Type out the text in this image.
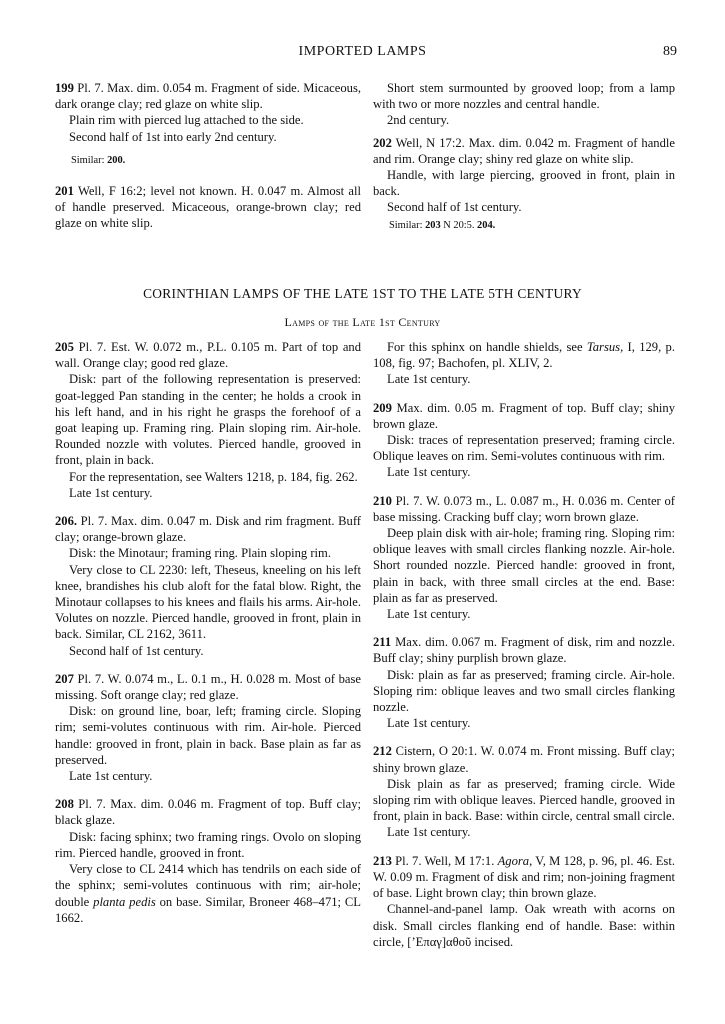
IMPORTED LAMPS	89

199 Pl. 7. Max. dim. 0.054 m. Fragment of side. Micaceous, dark orange clay; red glaze on white slip.

Plain rim with pierced lug attached to the side.

Second half of 1st into early 2nd century.

Similar: 200.

201 Well, F 16:2; level not known. H. 0.047 m. Almost all of handle preserved. Micaceous, orange-brown clay; red glaze on white slip.

Short stem surmounted by grooved loop; from a lamp with two or more nozzles and central handle.

2nd century.

202 Well, N 17:2. Max. dim. 0.042 m. Fragment of handle and rim. Orange clay; shiny red glaze on white slip.

Handle, with large piercing, grooved in front, plain in back.

Second half of 1st century.

Similar: 203 N 20:5. 204.
CORINTHIAN LAMPS OF THE LATE 1ST TO THE LATE 5TH CENTURY
Lamps of the Late 1st Century

205 Pl. 7. Est. W. 0.072 m., P.L. 0.105 m. Part of top and wall. Orange clay; good red glaze.

Disk: part of the following representation is preserved: goat-legged Pan standing in the center; he holds a crook in his left hand, and in his right he grasps the forehoof of a goat leaping up. Framing ring. Plain sloping rim. Air-hole. Rounded nozzle with volutes. Pierced handle, grooved in front, plain in back.

For the representation, see Walters 1218, p. 184, fig. 262.

Late 1st century.

206. Pl. 7. Max. dim. 0.047 m. Disk and rim fragment. Buff clay; orange-brown glaze.

Disk: the Minotaur; framing ring. Plain sloping rim.

Very close to CL 2230: left, Theseus, kneeling on his left knee, brandishes his club aloft for the fatal blow. Right, the Minotaur collapses to his knees and flails his arms. Air-hole. Volutes on nozzle. Pierced handle, grooved in front, plain in back. Similar, CL 2162, 3611.

Second half of 1st century.

207 Pl. 7. W. 0.074 m., L. 0.1 m., H. 0.028 m. Most of base missing. Soft orange clay; red glaze.

Disk: on ground line, boar, left; framing circle. Sloping rim; semi-volutes continuous with rim. Air-hole. Pierced handle: grooved in front, plain in back. Base plain as far as preserved.

Late 1st century.

208 Pl. 7. Max. dim. 0.046 m. Fragment of top. Buff clay; black glaze.

Disk: facing sphinx; two framing rings. Ovolo on sloping rim. Pierced handle, grooved in front.

Very close to CL 2414 which has tendrils on each side of the sphinx; semi-volutes continuous with rim; air-hole; double planta pedis on base. Similar, Broneer 468–471; CL 1662.

For this sphinx on handle shields, see Tarsus, I, 129, p. 108, fig. 97; Bachofen, pl. XLIV, 2.

Late 1st century.

209 Max. dim. 0.05 m. Fragment of top. Buff clay; shiny brown glaze.

Disk: traces of representation preserved; framing circle. Oblique leaves on rim. Semi-volutes continuous with rim.

Late 1st century.

210 Pl. 7. W. 0.073 m., L. 0.087 m., H. 0.036 m. Center of base missing. Cracking buff clay; worn brown glaze.

Deep plain disk with air-hole; framing ring. Sloping rim: oblique leaves with small circles flanking nozzle. Air-hole. Short rounded nozzle. Pierced handle: grooved in front, plain in back, with three small circles at the end. Base: plain as far as preserved.

Late 1st century.

211 Max. dim. 0.067 m. Fragment of disk, rim and nozzle. Buff clay; shiny purplish brown glaze.

Disk: plain as far as preserved; framing circle. Air-hole. Sloping rim: oblique leaves and two small circles flanking nozzle.

Late 1st century.

212 Cistern, O 20:1. W. 0.074 m. Front missing. Buff clay; shiny brown glaze.

Disk plain as far as preserved; framing circle. Wide sloping rim with oblique leaves. Pierced handle, grooved in front, plain in back. Base: within circle, central small circle.

Late 1st century.

213 Pl. 7. Well, M 17:1. Agora, V, M 128, p. 96, pl. 46. Est. W. 0.09 m. Fragment of disk and rim; non-joining fragment of base. Light brown clay; thin brown glaze.

Channel-and-panel lamp. Oak wreath with acorns on disk. Small circles flanking end of handle. Base: within circle, [’Επαγ]αθοῦ incised.
